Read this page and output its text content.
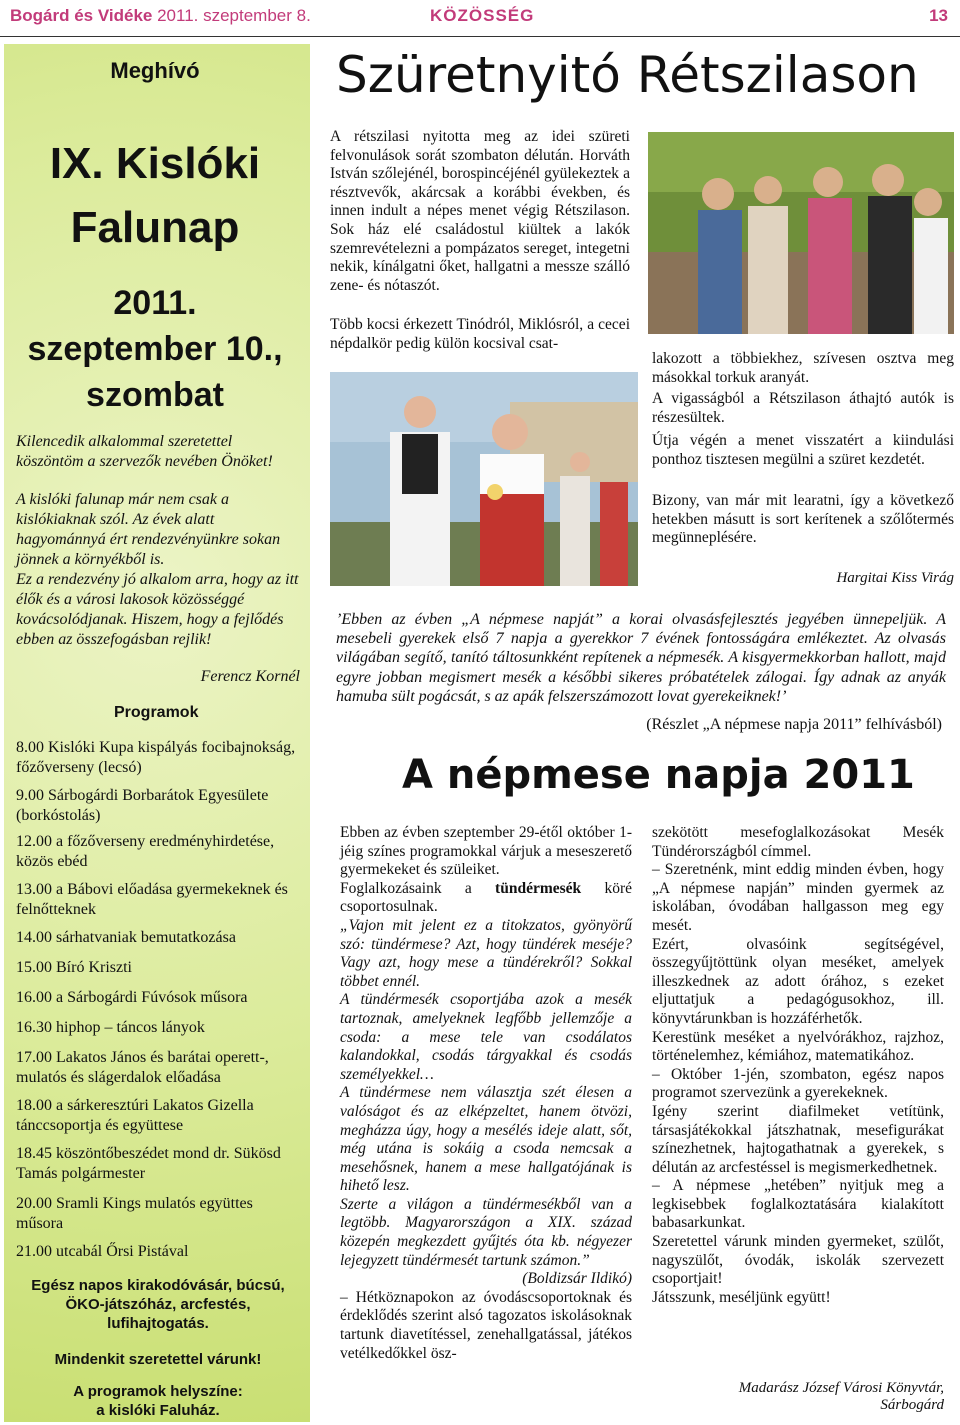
Bogárd és Vidéke 2011. szeptember 8.	KÖZÖSSÉG	13
Meghívó
IX. Kislóki
Falunap
2011.
szeptember 10.,
szombat
Kilencedik alkalommal szeretettel köszöntöm a szervezők nevében Önöket!
A kislóki falunap már nem csak a kislókiaknak szól. Az évek alatt hagyománnyá ért rendezvényünkre sokan jönnek a környékből is.
Ez a rendezvény jó alkalom arra, hogy az itt élők és a városi lakosok közösséggé kovácsolódjanak. Hiszem, hogy a fejlődés ebben az összefogásban rejlik!
Ferencz Kornél
Programok
8.00 Kislóki Kupa kispályás focibajnokság, főzőverseny (lecsó)
9.00 Sárbogárdi Borbarátok Egyesülete (borkóstolás)
12.00 a főzőverseny eredményhirdetése, közös ebéd
13.00 a Bábovi előadása gyermekeknek és felnőtteknek
14.00 sárhatvaniak bemutatkozása
15.00 Bíró Kriszti
16.00 a Sárbogárdi Fúvósok műsora
16.30 hiphop – táncos lányok
17.00 Lakatos János és barátai operett-, mulatós és slágerdalok előadása
18.00 a sárkeresztúri Lakatos Gizella tánccsoportja és együttese
18.45 köszöntőbeszédet mond dr. Sükösd Tamás polgármester
20.00 Sramli Kings mulatós együttes műsora
21.00 utcabál Őrsi Pistával
Egész napos kirakodóvásár, búcsú, ÖKO-játszóház, arcfestés, lufihajtogatás.
Mindenkit szeretettel várunk!
A programok helyszíne:
a kislóki Faluház.
Szüretnyitó Rétszilason
A rétszilasi nyitotta meg az idei szüreti felvonulások sorát szombaton délután. Horváth István szőlejénél, borospincéjénél gyülekeztek a résztvevők, akárcsak a korábbi években, és innen indult a népes menet végig Rétszilason. Sok ház elé családostul kiültek a lakók szemrevételezni a pompázatos sereget, integetni nekik, kínálgatni őket, hallgatni a messze szálló zene- és nótaszót.
Több kocsi érkezett Tinódról, Miklósról, a cecei népdalkör pedig külön kocsival csat-
lakozott a többiekhez, szívesen osztva meg másokkal torkuk aranyát.
A vigasságból a Rétszilason áthajtó autók is részesültek.
Útja végén a menet visszatért a kiindulási ponthoz tisztesen megülni a szüret kezdetét.
Bizony, van már mit learatni, így a következő hetekben másutt is sort kerítenek a szőlőtermés megünneplésére.
Hargitai Kiss Virág
’Ebben az évben „A népmese napját” a korai olvasásfejlesztés jegyében ünnepeljük. A mesebeli gyerekek első 7 napja a gyerekkor 7 évének fontosságára emlékeztet. Az olvasás világában segítő, tanító táltosunkként repítenek a népmesék. A kisgyermekkorban hallott, majd egyre jobban megismert mesék a későbbi sikeres próbatételek zálogai. Így adnak az anyák hamuba sült pogácsát, s az apák felszerszámozott lovat gyerekeiknek!’
(Részlet „A népmese napja 2011” felhívásból)
A népmese napja 2011

Ebben az évben szeptember 29-étől október 1-jéig színes programokkal várjuk a meseszerető gyermekeket és szüleiket.

Foglalkozásaink a tündérmesék köré csoportosulnak.

„Vajon mit jelent ez a titokzatos, gyönyörű szó: tündérmese? Azt, hogy tündérek meséje? Vagy azt, hogy mese a tündérekről? Sokkal többet ennél.

A tündérmesék csoportjába azok a mesék tartoznak, amelyeknek legfőbb jellemzője a csoda: a mese tele van csodálatos kalandokkal, csodás tárgyakkal és csodás személyekkel…

A tündérmese nem választja szét élesen a valóságot és az elképzeltet, hanem ötvözi, megházza úgy, hogy a mesélés ideje alatt, sőt, még utána is sokáig a csoda nemcsak a mesehősnek, hanem a mese hallgatójának is hihető lesz.

Szerte a világon a tündérmesékből van a legtöbb. Magyarországon a XIX. század közepén megkezdett gyűjtés óta kb. négyezer lejegyzett tündérmesét tartunk számon.”

(Boldizsár Ildikó)

– Hétköznapokon az óvodáscsoportoknak és érdeklődés szerint alsó tagozatos iskolásoknak tartunk diavetítéssel, zenehallgatással, játékos vetélkedőkkel ösz-

szekötött mesefoglalkozásokat Mesék Tündérországból címmel.

– Szeretnénk, mint eddig minden évben, hogy „A népmese napján” minden gyermek az iskolában, óvodában hallgasson meg egy mesét.

Ezért, olvasóink segítségével, összegyűjtöttünk olyan meséket, amelyek illeszkednek az adott órához, s ezeket eljuttatjuk a pedagógusokhoz, ill. könyvtárunkban is hozzáférhetők.

Kerestünk meséket a nyelvórákhoz, rajzhoz, történelemhez, kémiához, matematikához.

– Október 1-jén, szombaton, egész napos programot szervezünk a gyerekeknek.

Igény szerint diafilmeket vetítünk, társasjátékokkal játszhatnak, mesefigurákat színezhetnek, hajtogathatnak a gyerekek, s délután az arcfestéssel is megismerkedhetnek.

– A népmese „hetében” nyitjuk meg a legkisebbek foglalkoztatására kialakított babasarkunkat.

Szeretettel várunk minden gyermeket, szülőt, nagyszülőt, óvodák, iskolák szervezett csoportjait!

Játsszunk, meséljünk együtt!

Madarász József Városi Könyvtár,
Sárbogárd
